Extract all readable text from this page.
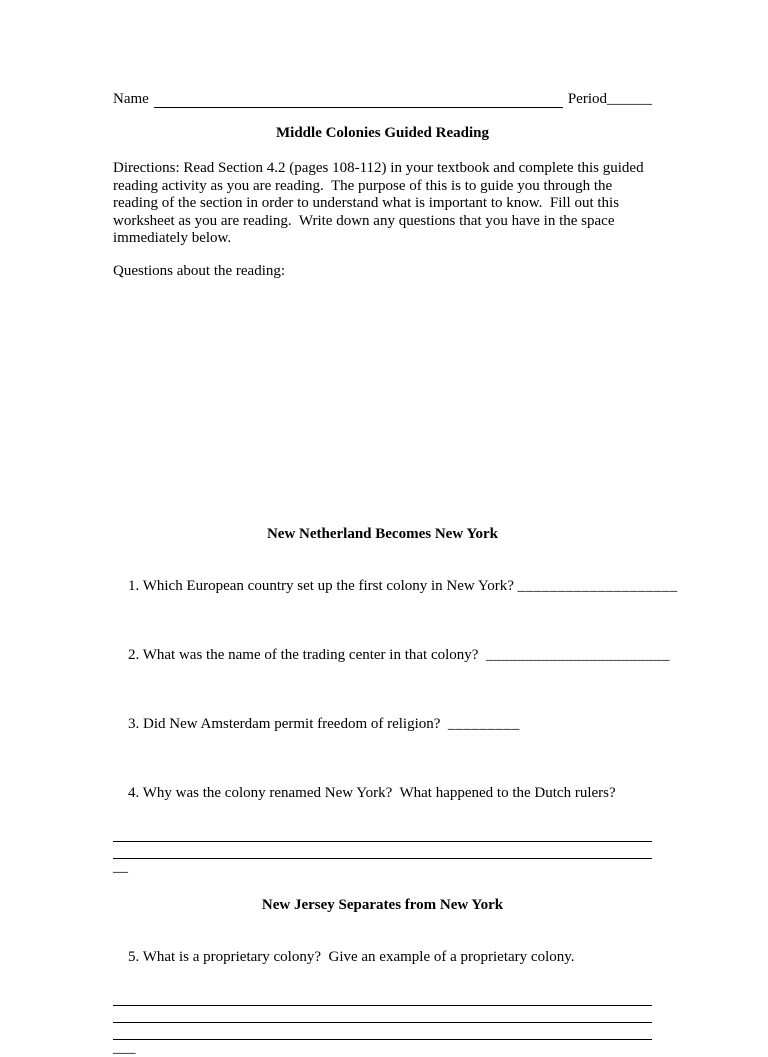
Name	Period ______
Middle Colonies Guided Reading

Directions: Read Section 4.2 (pages 108-112) in your textbook and complete this guided reading activity as you are reading.  The purpose of this is to guide you through the reading of the section in order to understand what is important to know.  Fill out this worksheet as you are reading.  Write down any questions that you have in the space immediately below.

Questions about the reading:

New Netherland Becomes New York

1. Which European country set up the first colony in New York? ____________________

2. What was the name of the trading center in that colony?  _______________________

3. Did New Amsterdam permit freedom of religion?  _________

4. Why was the colony renamed New York?  What happened to the Dutch rulers?

__
New Jersey Separates from New York

5. What is a proprietary colony?  Give an example of a proprietary colony.

___
